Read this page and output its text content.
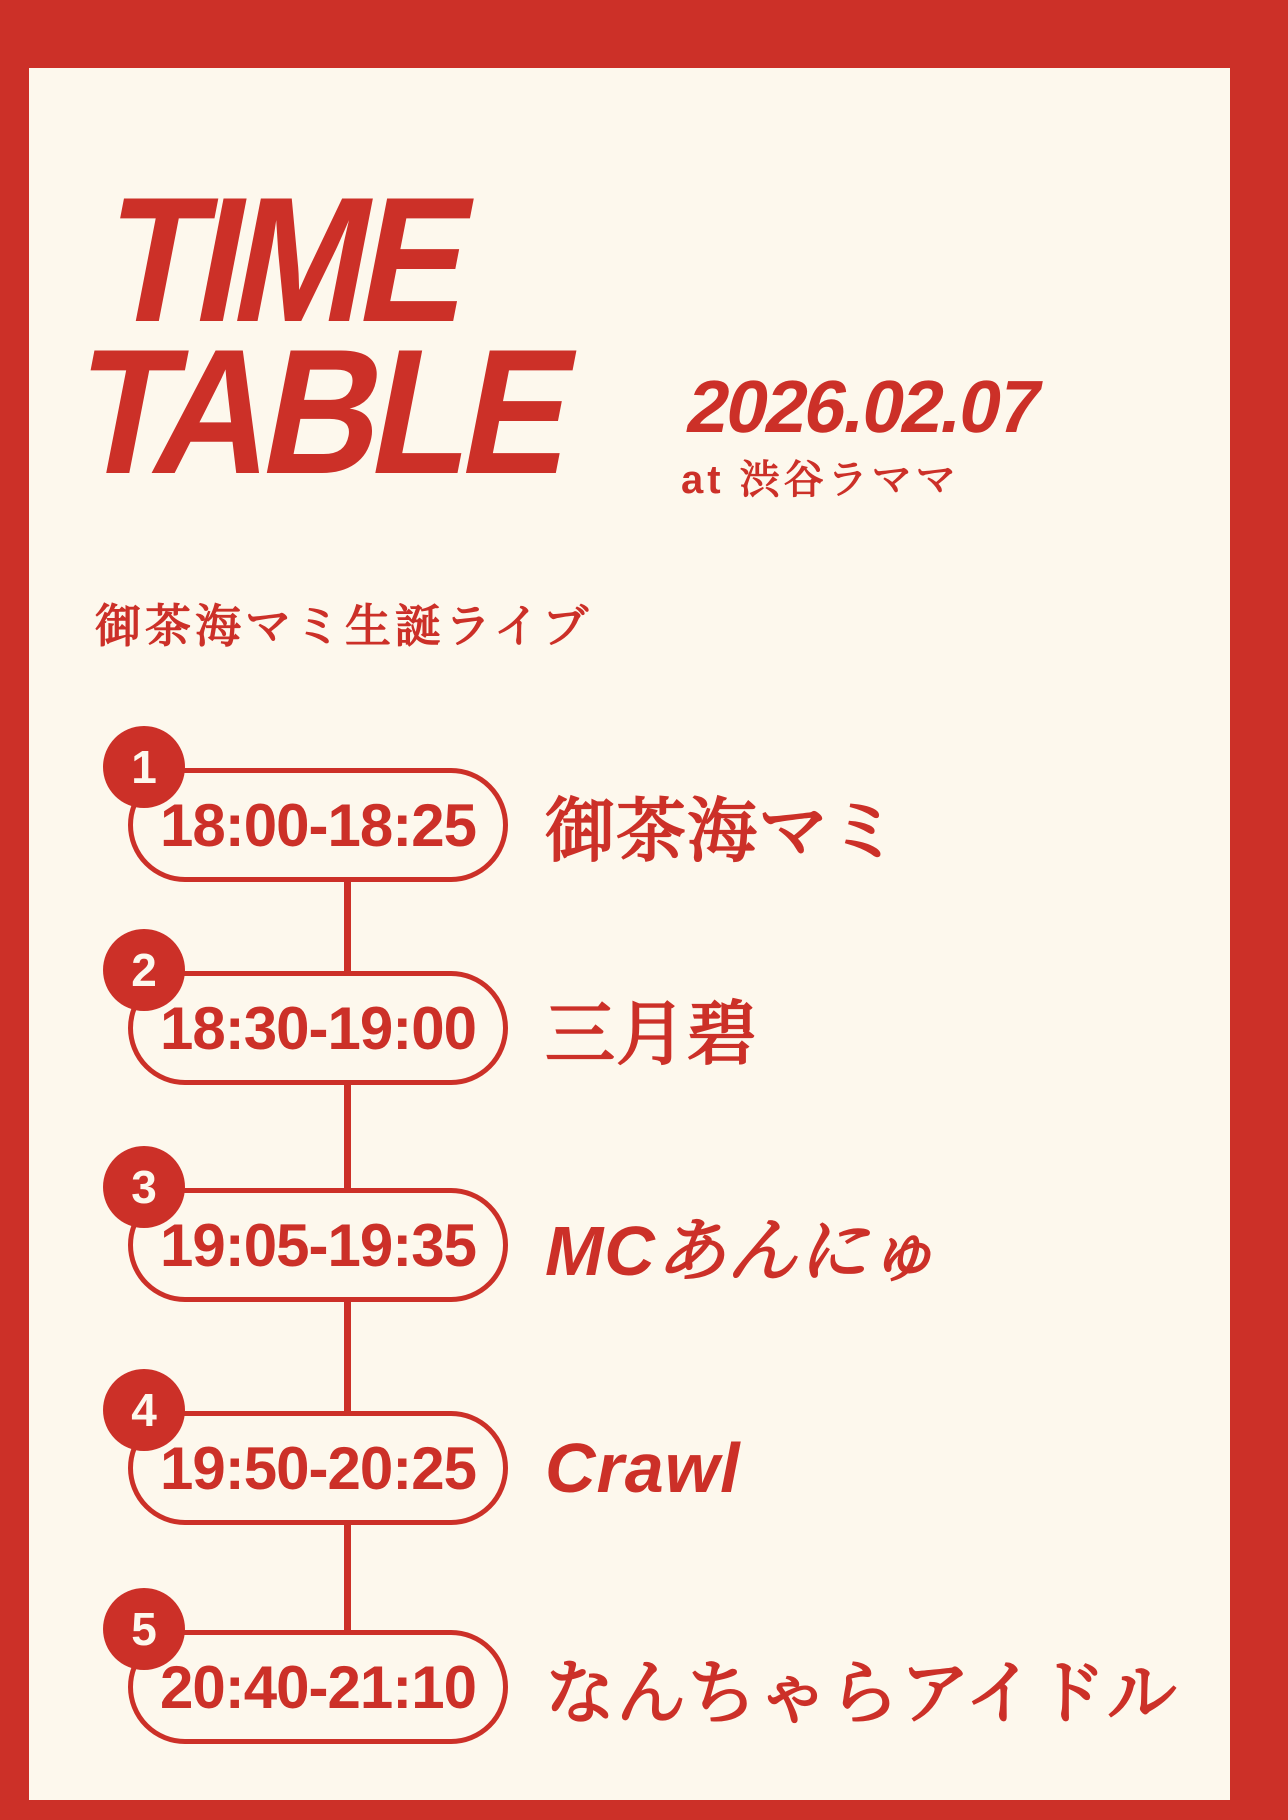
TIME
TABLE 2026.02.07
at 渋谷ラママ
御茶海マミ生誕ライブ
18:00-18:25
1
御茶海マミ
18:30-19:00
2
三月碧
19:05-19:35
3
MCあんにゅ
19:50-20:25
4
Crawl
20:40-21:10
5
なんちゃらアイドル
